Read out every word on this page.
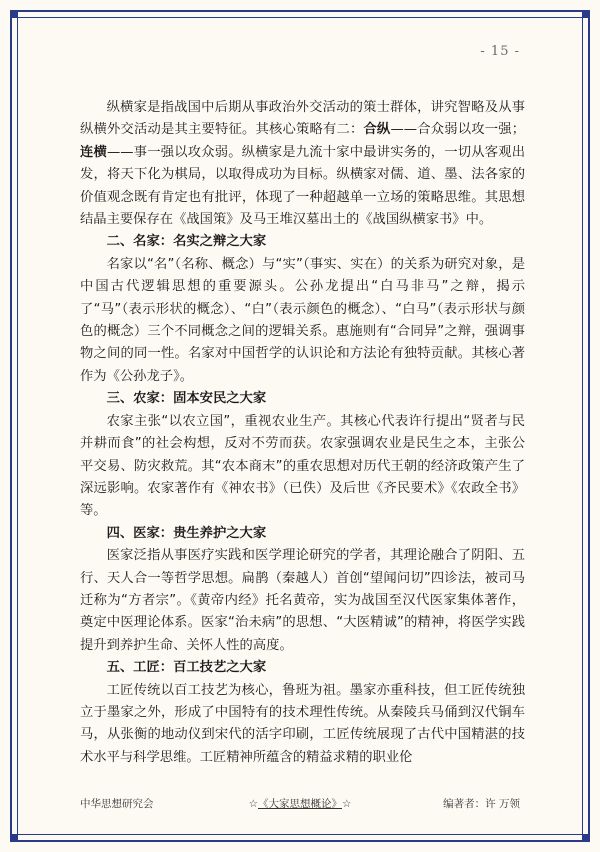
- 15 -

纵横家是指战国中后期从事政治外交活动的策士群体，讲究智略及从事纵横外交活动是其主要特征。其核心策略有二：合纵——合众弱以攻一强；连横——事一强以攻众弱。纵横家是九流十家中最讲实务的，一切从客观出发，将天下化为棋局，以取得成功为目标。纵横家对儒、道、墨、法各家的价值观念既有肯定也有批评，体现了一种超越单一立场的策略思维。其思想结晶主要保存在《战国策》及马王堆汉墓出土的《战国纵横家书》中。

二、名家：名实之辩之大家

名家以“名”（名称、概念）与“实”（事实、实在）的关系为研究对象，是中国古代逻辑思想的重要源头。公孙龙提出“白马非马”之辩，揭示了“马”（表示形状的概念）、“白”（表示颜色的概念）、“白马”（表示形状与颜色的概念）三个不同概念之间的逻辑关系。惠施则有“合同异”之辩，强调事物之间的同一性。名家对中国哲学的认识论和方法论有独特贡献。其核心著作为《公孙龙子》。

三、农家：固本安民之大家

农家主张“以农立国”，重视农业生产。其核心代表许行提出“贤者与民并耕而食”的社会构想，反对不劳而获。农家强调农业是民生之本，主张公平交易、防灾救荒。其“农本商末”的重农思想对历代王朝的经济政策产生了深远影响。农家著作有《神农书》（已佚）及后世《齐民要术》《农政全书》等。

四、医家：贵生养护之大家

医家泛指从事医疗实践和医学理论研究的学者，其理论融合了阴阳、五行、天人合一等哲学思想。扁鹊（秦越人）首创“望闻问切”四诊法，被司马迁称为“方者宗”。《黄帝内经》托名黄帝，实为战国至汉代医家集体著作，奠定中医理论体系。医家“治未病”的思想、“大医精诚”的精神，将医学实践提升到养护生命、关怀人性的高度。

五、工匠：百工技艺之大家

工匠传统以百工技艺为核心，鲁班为祖。墨家亦重科技，但工匠传统独立于墨家之外，形成了中国特有的技术理性传统。从秦陵兵马俑到汉代铜车马，从张衡的地动仪到宋代的活字印刷，工匠传统展现了古代中国精湛的技术水平与科学思维。工匠精神所蕴含的精益求精的职业伦

中华思想研究会	☆《大家思想概论》☆	编著者：许 万领
